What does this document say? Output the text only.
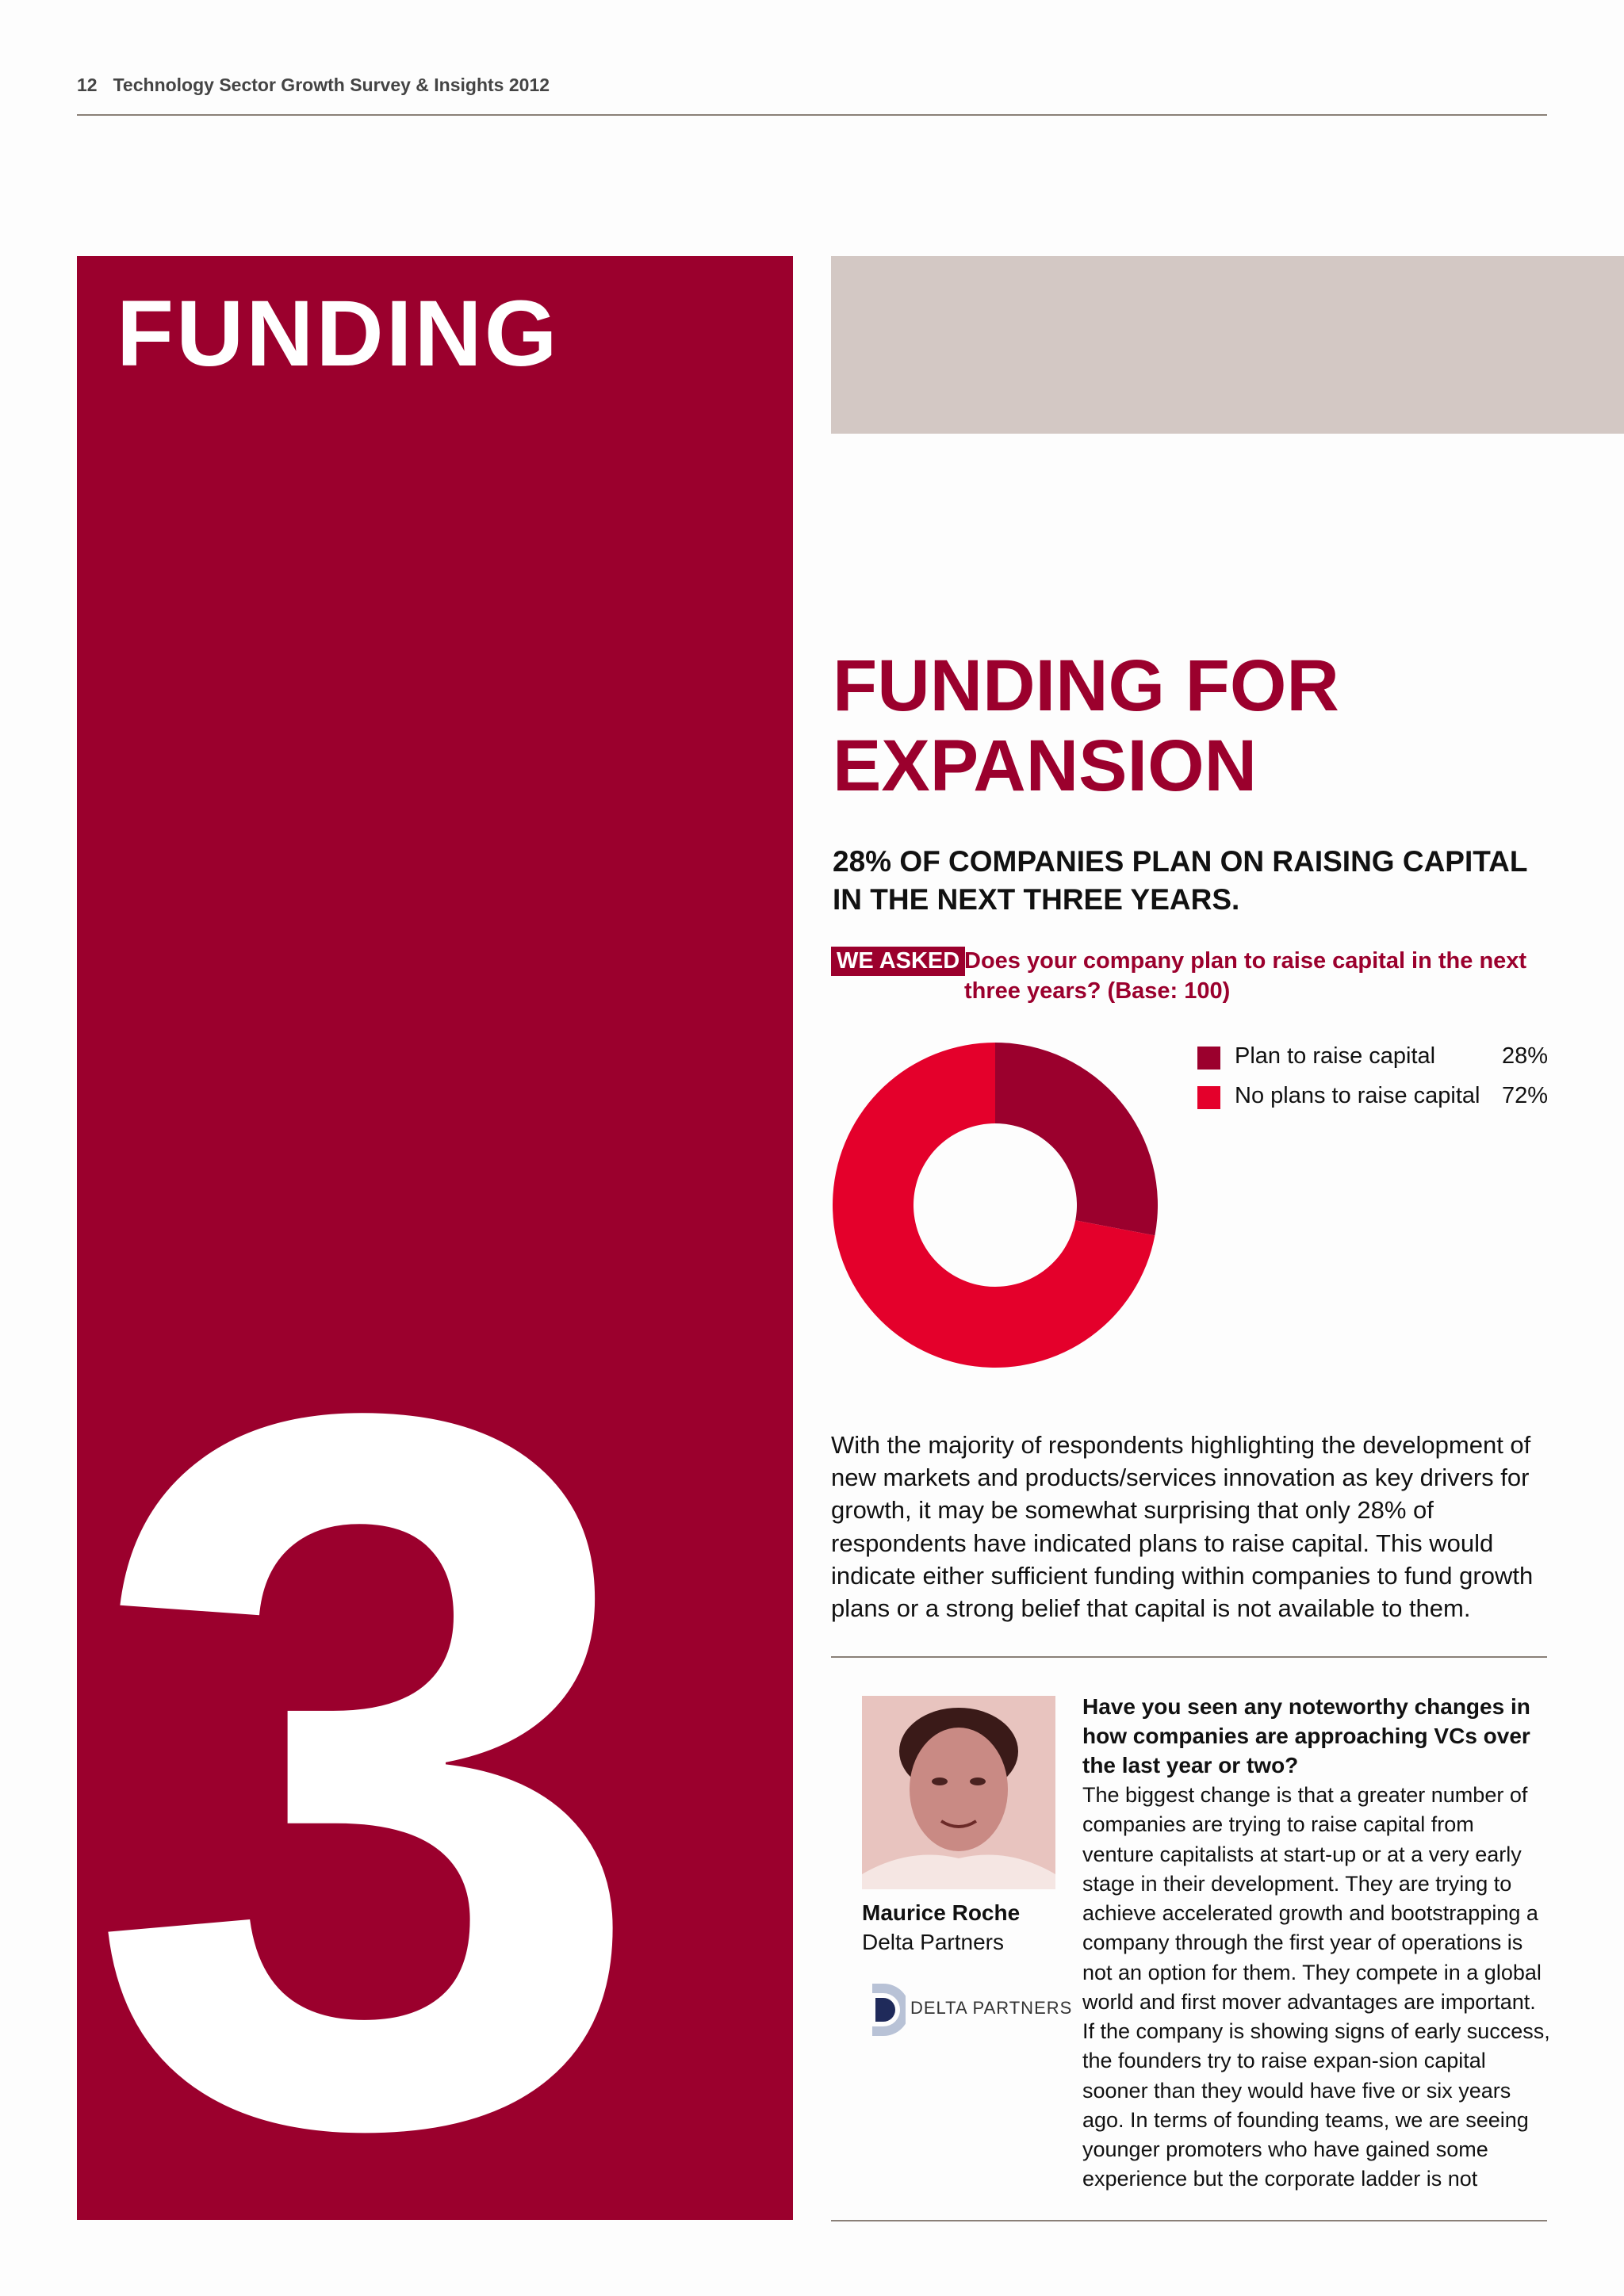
12 Technology Sector Growth Survey & Insights 2012
FUNDING
3
FUNDING FOR EXPANSION
28% OF COMPANIES PLAN ON RAISING CAPITAL IN THE NEXT THREE YEARS.
WE ASKED Does your company plan to raise capital in the next three years? (Base: 100)
Plan to raise capital	28%
No plans to raise capital 72%

With the majority of respondents highlighting the development of new markets and products/services innovation as key drivers for growth, it may be somewhat surprising that only 28% of respondents have indicated plans to raise capital. This would indicate either sufficient funding within companies to fund growth plans or a strong belief that capital is not available to them.

Maurice Roche
Delta Partners
DELTA PARTNERS
Have you seen any noteworthy changes in how companies are approaching VCs over the last year or two?
The biggest change is that a greater number of companies are trying to raise capital from venture capitalists at start-up or at a very early stage in their development. They are trying to achieve accelerated growth and bootstrapping a company through the first year of operations is not an option for them. They compete in a global world and first mover advantages are important. If the company is showing signs of early success, the founders try to raise expan-sion capital sooner than they would have five or six years ago. In terms of founding teams, we are seeing younger promoters who have gained some experience but the corporate ladder is not
